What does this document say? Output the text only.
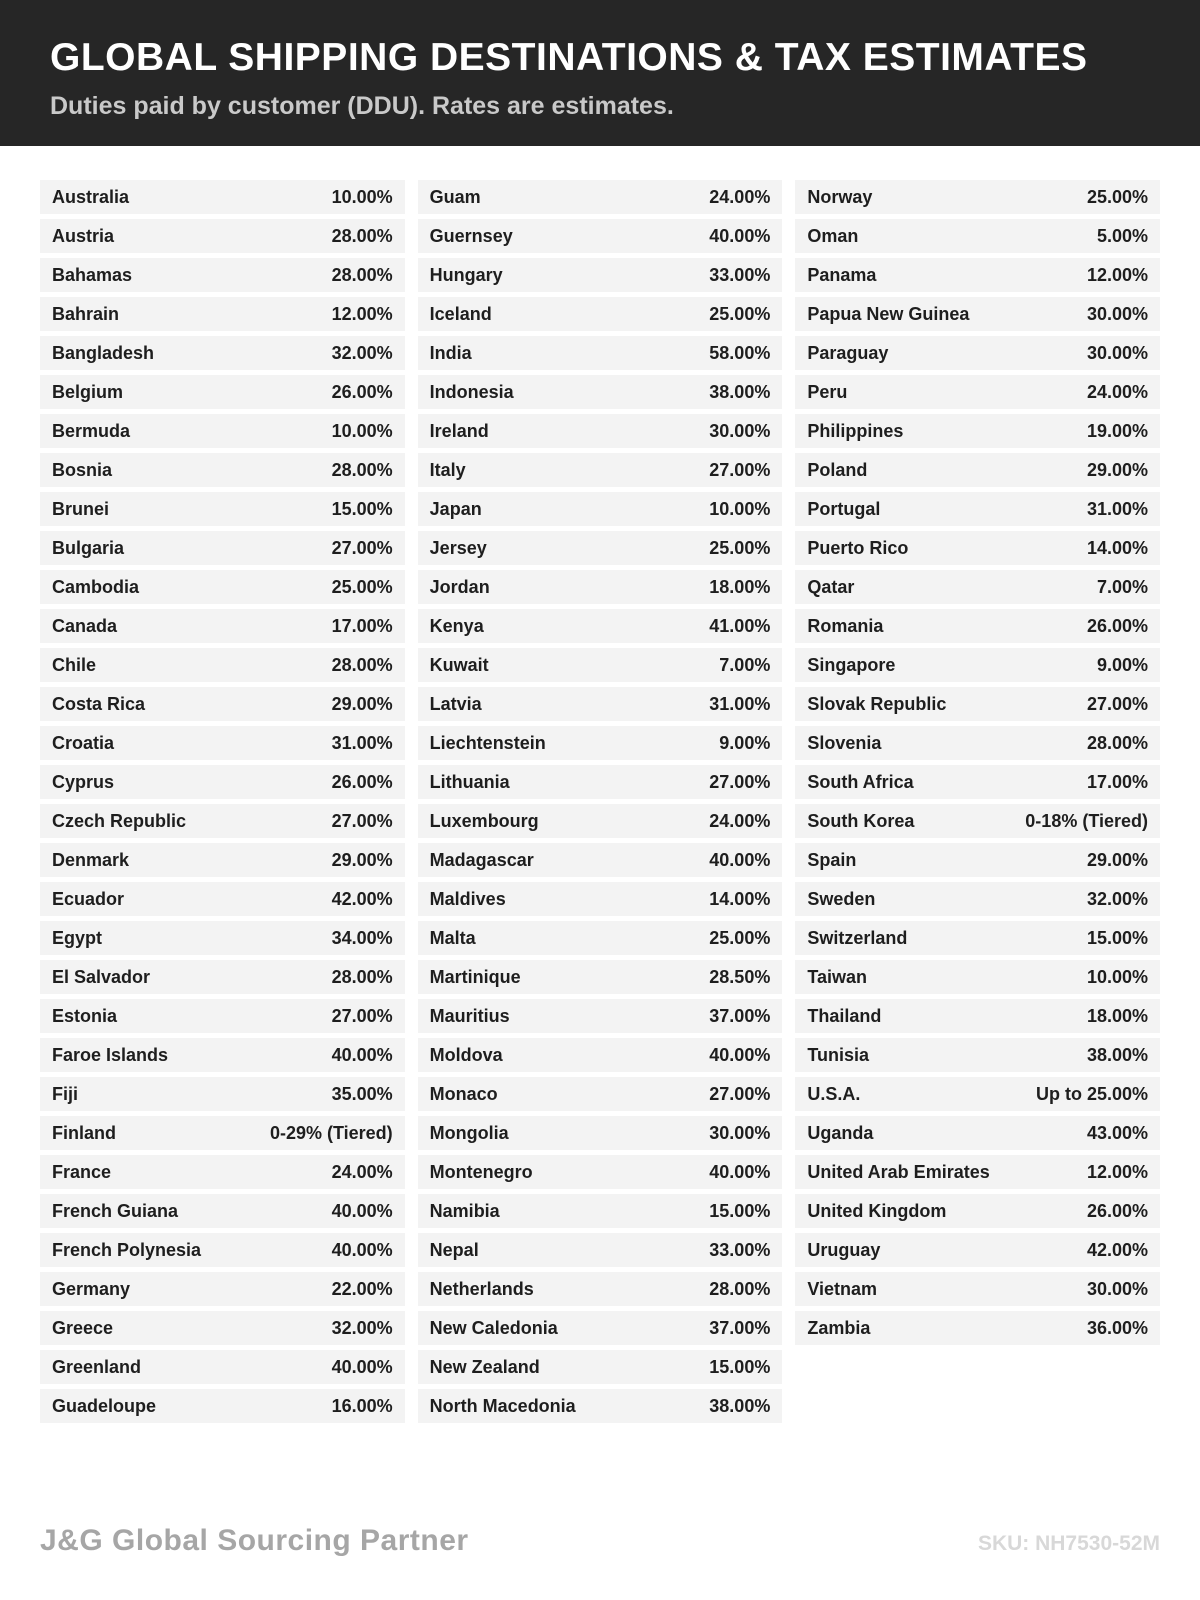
GLOBAL SHIPPING DESTINATIONS & TAX ESTIMATES
Duties paid by customer (DDU). Rates are estimates.
Australia	10.00%
Austria	28.00%
Bahamas	28.00%
Bahrain	12.00%
Bangladesh	32.00%
Belgium	26.00%
Bermuda	10.00%
Bosnia	28.00%
Brunei	15.00%
Bulgaria	27.00%
Cambodia	25.00%
Canada	17.00%
Chile	28.00%
Costa Rica	29.00%
Croatia	31.00%
Cyprus	26.00%
Czech Republic	27.00%
Denmark	29.00%
Ecuador	42.00%
Egypt	34.00%
El Salvador	28.00%
Estonia	27.00%
Faroe Islands	40.00%
Fiji	35.00%
Finland	0-29% (Tiered)
France	24.00%
French Guiana	40.00%
French Polynesia	40.00%
Germany	22.00%
Greece	32.00%
Greenland	40.00%
Guadeloupe	16.00%
Guam	24.00%
Guernsey	40.00%
Hungary	33.00%
Iceland	25.00%
India	58.00%
Indonesia	38.00%
Ireland	30.00%
Italy	27.00%
Japan	10.00%
Jersey	25.00%
Jordan	18.00%
Kenya	41.00%
Kuwait	7.00%
Latvia	31.00%
Liechtenstein	9.00%
Lithuania	27.00%
Luxembourg	24.00%
Madagascar	40.00%
Maldives	14.00%
Malta	25.00%
Martinique	28.50%
Mauritius	37.00%
Moldova	40.00%
Monaco	27.00%
Mongolia	30.00%
Montenegro	40.00%
Namibia	15.00%
Nepal	33.00%
Netherlands	28.00%
New Caledonia	37.00%
New Zealand	15.00%
North Macedonia	38.00%
Norway	25.00%
Oman	5.00%
Panama	12.00%
Papua New Guinea	30.00%
Paraguay	30.00%
Peru	24.00%
Philippines	19.00%
Poland	29.00%
Portugal	31.00%
Puerto Rico	14.00%
Qatar	7.00%
Romania	26.00%
Singapore	9.00%
Slovak Republic	27.00%
Slovenia	28.00%
South Africa	17.00%
South Korea	0-18% (Tiered)
Spain	29.00%
Sweden	32.00%
Switzerland	15.00%
Taiwan	10.00%
Thailand	18.00%
Tunisia	38.00%
U.S.A.	Up to 25.00%
Uganda	43.00%
United Arab Emirates	12.00%
United Kingdom	26.00%
Uruguay	42.00%
Vietnam	30.00%
Zambia	36.00%
J&G Global Sourcing Partner	SKU: NH7530-52M
